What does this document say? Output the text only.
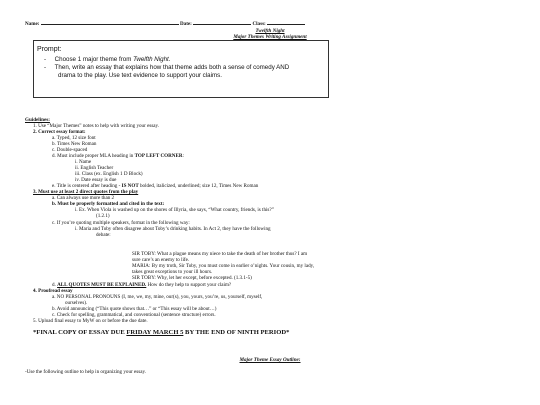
Name:	Date:	Class:
Twelfth Night
Major Themes Writing Assignment
Prompt:
-     Choose 1 major theme from Twelfth Night.
-     Then, write an essay that explains how that theme adds both a sense of comedy AND
drama to the play. Use text evidence to support your claims.
Guidelines:
1. Use “Major Themes” notes to help with writing your essay.
2. Correct essay format:
a. Typed, 12 size font
b. Times New Roman
c. Double-spaced
d. Must include proper MLA heading in TOP LEFT CORNER:
i. Name
ii. English Teacher
iii. Class (ex. English 1 D Block)
iv. Date essay is due
e. Title is centered after heading - IS NOT bolded, italicized, underlined; size 12, Times New Roman
3. Must use at least 2 direct quotes from the play
a. Can always use more than 2
b. Must be properly formatted and cited in the text:
i. Ex. When Viola is washed up on the shores of Illyria, she says, “What country, friends, is this?”
(1.2.1)
c. If you’re quoting multiple speakers, format in the following way:
i. Maria and Toby often disagree about Toby’s drinking habits. In Act 2, they have the following
debate:
SIR TOBY: What a plague means my niece to take the death of her brother thus? I am
sure care’s an enemy to life.
MARIA: By my troth, Sir Toby, you must come in earlier o’nights. Your cousin, my lady,
takes great exceptions to your ill hours.
SIR TOBY: Why, let her except, before excepted. (1.3.1-5)
d. ALL QUOTES MUST BE EXPLAINED. How do they help to support your claim?
4. Proofread essay
a. NO PERSONAL PRONOUNS (I, me, we, my, mine, our(s), you, yours, you’re, us, yourself, myself,
ourselves).
b. Avoid announcing (“This quote shows that…” or “This essay will be about…)
c. Check for spelling, grammatical, and conventional (sentence structure) errors.
5. Upload final essay to MyW on or before the due date.
*FINAL COPY OF ESSAY DUE FRIDAY MARCH 5 BY THE END OF NINTH PERIOD*
Major Theme Essay Outline:
-Use the following outline to help in organizing your essay.
